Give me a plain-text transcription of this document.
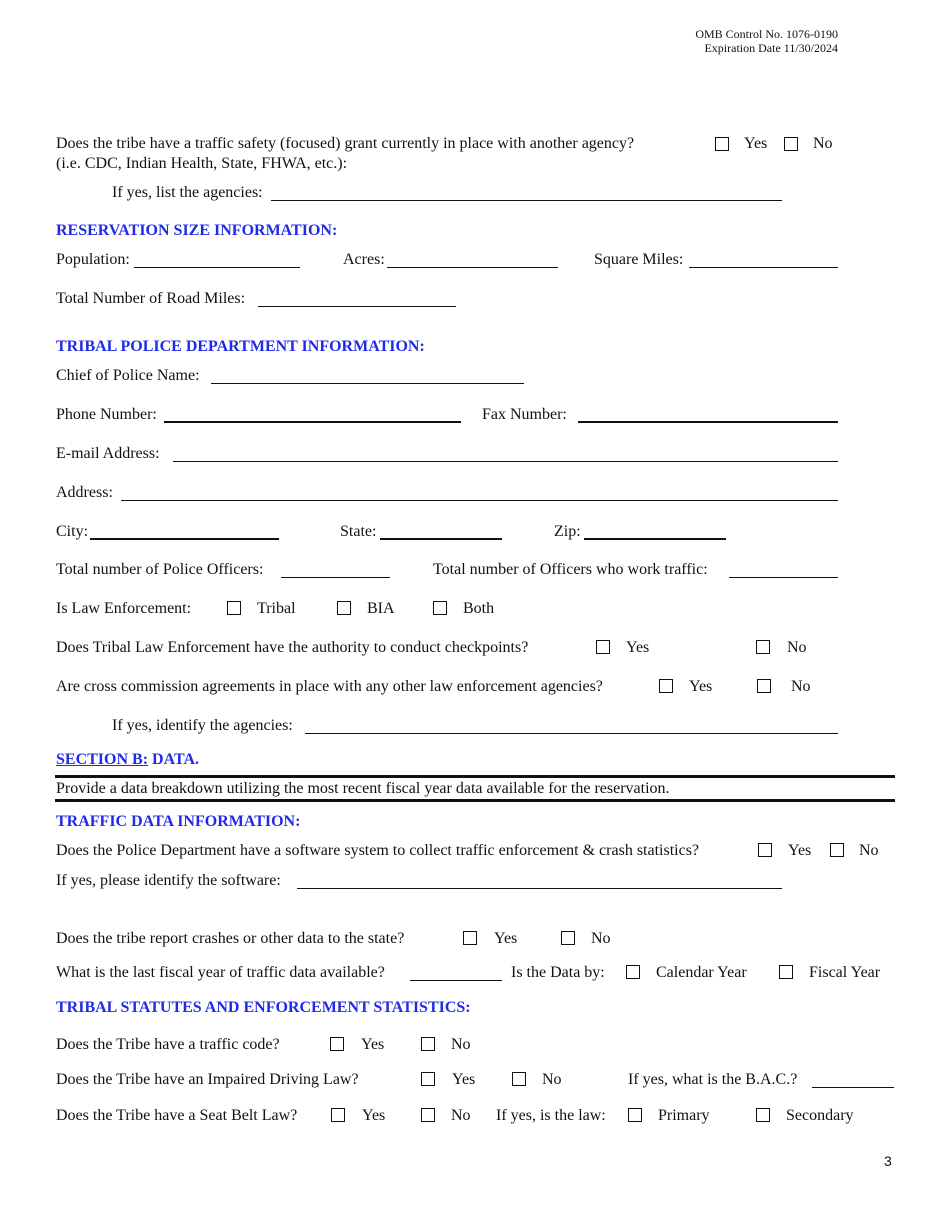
OMB Control No. 1076-0190
Expiration Date 11/30/2024
Does the tribe have a traffic safety (focused) grant currently in place with another agency?
(i.e. CDC, Indian Health, State, FHWA, etc.):
Yes	No
If yes, list the agencies:
RESERVATION SIZE INFORMATION:
Population:	Acres:	Square Miles:
Total Number of Road Miles:
TRIBAL POLICE DEPARTMENT INFORMATION:
Chief of Police Name:
Phone Number:	Fax Number:
E-mail Address:
Address:
City:	State:	Zip:
Total number of Police Officers:	Total number of Officers who work traffic:
Is Law Enforcement:	Tribal	BIA	Both
Does Tribal Law Enforcement have the authority to conduct checkpoints?	Yes	No
Are cross commission agreements in place with any other law enforcement agencies?	Yes	No
If yes, identify the agencies:
SECTION B: DATA.
Provide a data breakdown utilizing the most recent fiscal year data available for the reservation.
TRAFFIC DATA INFORMATION:
Does the Police Department have a software system to collect traffic enforcement & crash statistics?	Yes	No
If yes, please identify the software:
Does the tribe report crashes or other data to the state?	Yes	No
What is the last fiscal year of traffic data available?	Is the Data by:	Calendar Year	Fiscal Year
TRIBAL STATUTES AND ENFORCEMENT STATISTICS:
Does the Tribe have a traffic code?	Yes	No
Does the Tribe have an Impaired Driving Law?	Yes	No	If yes, what is the B.A.C.?
Does the Tribe have a Seat Belt Law?	Yes	No If yes, is the law:	Primary	Secondary
3
